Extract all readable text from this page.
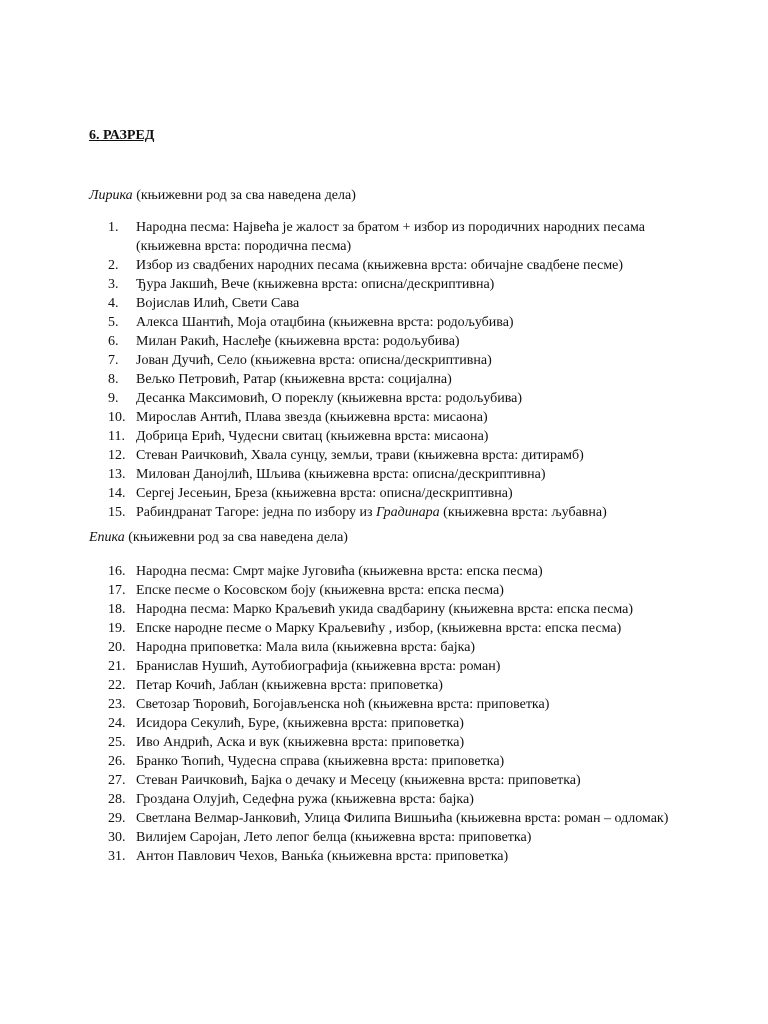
6. РАЗРЕД
Лирика (књижевни род за сва наведена дела)
1.	Народна песма: Највећа је жалост за братом + избор из породичних народних песама (књижевна врста: породична песма)
2.	Избор из свадбених народних песама (књижевна врста: обичајне свадбене песме)
3.	Ђура Јакшић, Вече (књижевна врста: описна/дескриптивна)
4.	Војислав Илић, Свети Сава
5.	Алекса Шантић, Моја отаџбина (књижевна врста: родољубива)
6.	Милан Ракић, Наслеђе (књижевна врста: родољубива)
7.	Јован Дучић, Село (књижевна врста: описна/дескриптивна)
8.	Вељко Петровић, Ратар (књижевна врста: социјална)
9.	Десанка Максимовић, О пореклу (књижевна врста: родољубива)
10. Мирослав Антић, Плава звезда (књижевна врста: мисаона)
11. Добрица Ерић, Чудесни свитац (књижевна врста: мисаона)
12. Стеван Раичковић, Хвала сунцу, земљи, трави (књижевна врста: дитирамб)
13. Милован Данојлић, Шљива (књижевна врста: описна/дескриптивна)
14. Сергеј Јесењин, Бреза (књижевна врста: описна/дескриптивна)
15. Рабиндранат Тагоре: једна по избору из Градинара (књижевна врста: љубавна)
Епика (књижевни род за сва наведена дела)
16. Народна песма: Смрт мајке Југовића (књижевна врста: епска песма)
17. Епске песме о Косовском боју (књижевна врста: епска песма)
18. Народна песма: Марко Краљевић укида свадбарину (књижевна врста: епска песма)
19. Епске народне песме о Марку Краљевићу , избор, (књижевна врста: епска песма)
20. Народна приповетка: Мала вила (књижевна врста: бајка)
21. Бранислав Нушић, Аутобиографија (књижевна врста: роман)
22. Петар Кочић, Јаблан (књижевна врста: приповетка)
23. Светозар Ћоровић, Богојављенска ноћ (књижевна врста: приповетка)
24. Исидора Секулић, Буре, (књижевна врста: приповетка)
25. Иво Андрић, Аска и вук (књижевна врста: приповетка)
26. Бранко Ћопић, Чудесна справа (књижевна врста: приповетка)
27. Стеван Раичковић, Бајка о дечаку и Месецу (књижевна врста: приповетка)
28. Гроздана Олујић, Седефна ружа (књижевна врста: бајка)
29. Светлана Велмар-Јанковић, Улица Филипа Вишњића (књижевна врста: роман – одломак)
30. Вилијем Саројан, Лето лепог белца (књижевна врста: приповетка)
31. Антон Павлович Чехов, Ваньќа (књижевна врста: приповетка)
